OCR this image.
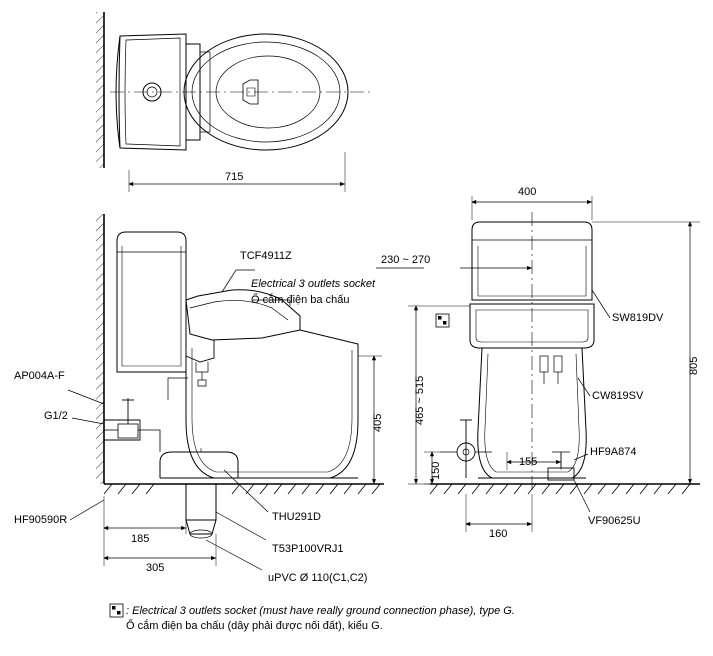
715
TCF4911Z
Electrical 3 outlets socket
Ổ cắm điện ba chấu
AP004A-F
G1/2
HF90590R	THU291D
T53P100VRJ1
uPVC Ø 110(C1,C2)
405
185
305
SW819DV
CW819SV
HF9A874
VF90625U
400
230 ~ 270
805
465 ~ 515
150	155
160
: Electrical 3 outlets socket (must have really ground connection phase), type G.
Ổ cắm điện ba chấu (dây phải được nối đất), kiểu G.
